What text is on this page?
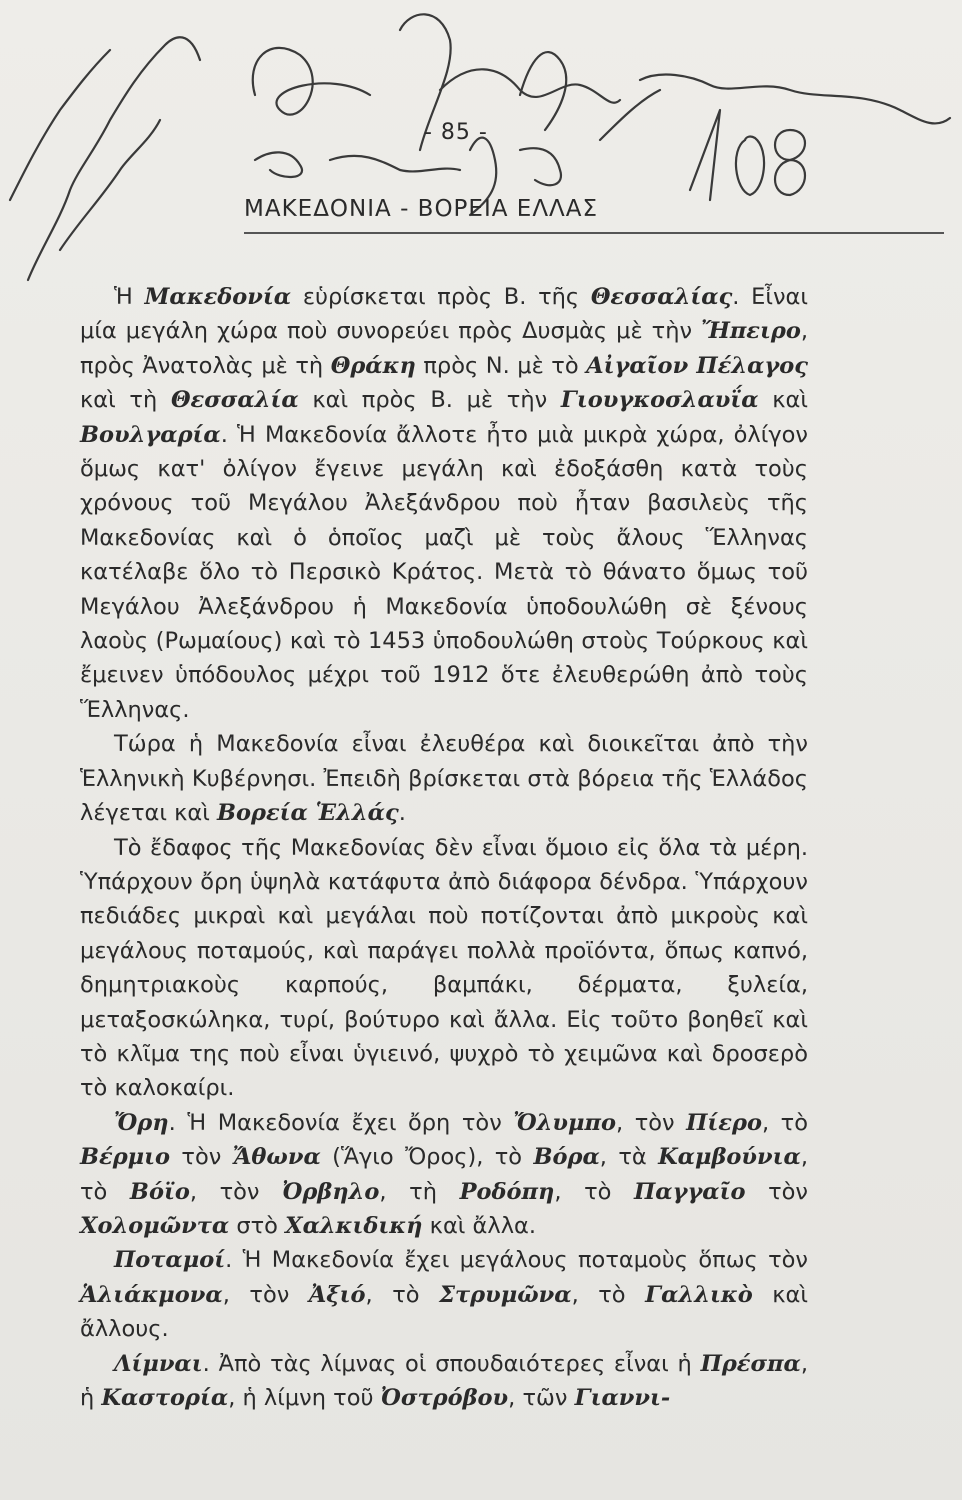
- 85 -
ΜΑΚΕΔΟΝΙΑ - ΒΟΡΕΙΑ ΕΛΛΑΣ

Ἡ Μακεδονία εὑρίσκεται πρὸς Β. τῆς Θεσσαλίας. Εἶναι μία μεγάλη χώρα ποὺ συνορεύει πρὸς Δυσμὰς μὲ τὴν Ἤπειρο, πρὸς Ἀνατολὰς μὲ τὴ Θράκη πρὸς Ν. μὲ τὸ Αἰγαῖον Πέλαγος καὶ τὴ Θεσσαλία καὶ πρὸς Β. μὲ τὴν Γιουγκοσλαυΐα καὶ Βουλγαρία. Ἡ Μακεδονία ἄλλοτε ἦτο μιὰ μικρὰ χώρα, ὀλίγον ὅμως κατ' ὀλίγον ἔγεινε μεγάλη καὶ ἐδοξάσθη κατὰ τοὺς χρόνους τοῦ Μεγάλου Ἀλεξάνδρου ποὺ ἦταν βασιλεὺς τῆς Μακεδονίας καὶ ὁ ὁποῖος μαζὶ μὲ τοὺς ἄλους Ἕλληνας κατέλαβε ὅλο τὸ Περσικὸ Κράτος. Μετὰ τὸ θάνατο ὅμως τοῦ Μεγάλου Ἀλεξάνδρου ἡ Μακεδονία ὑποδουλώθη σὲ ξένους λαοὺς (Ρωμαίους) καὶ τὸ 1453 ὑποδουλώθη στοὺς Τούρκους καὶ ἔμεινεν ὑπόδουλος μέχρι τοῦ 1912 ὅτε ἐλευθερώθη ἀπὸ τοὺς Ἕλληνας.

Τώρα ἡ Μακεδονία εἶναι ἐλευθέρα καὶ διοικεῖται ἀπὸ τὴν Ἑλληνικὴ Κυβέρνησι. Ἐπειδὴ βρίσκεται στὰ βόρεια τῆς Ἑλλάδος λέγεται καὶ Βορεία Ἑλλάς.

Τὸ ἔδαφος τῆς Μακεδονίας δὲν εἶναι ὅμοιο εἰς ὅλα τὰ μέρη. Ὑπάρχουν ὄρη ὑψηλὰ κατάφυτα ἀπὸ διάφορα δένδρα. Ὑπάρχουν πεδιάδες μικραὶ καὶ μεγάλαι ποὺ ποτίζονται ἀπὸ μικροὺς καὶ μεγάλους ποταμούς, καὶ παράγει πολλὰ προϊόντα, ὅπως καπνό, δημητριακοὺς καρπούς, βαμπάκι, δέρματα, ξυλεία, μεταξοσκώληκα, τυρί, βούτυρο καὶ ἄλλα. Εἰς τοῦτο βοηθεῖ καὶ τὸ κλῖμα της ποὺ εἶναι ὑγιεινό, ψυχρὸ τὸ χειμῶνα καὶ δροσερὸ τὸ καλοκαίρι.

Ὄρη. Ἡ Μακεδονία ἔχει ὄρη τὸν Ὄλυμπο, τὸν Πίερο, τὸ Βέρμιο τὸν Ἄθωνα (Ἅγιο Ὄρος), τὸ Βόρα, τὰ Καμβούνια, τὸ Βόϊο, τὸν Ὀρβηλο, τὴ Ροδόπη, τὸ Παγγαῖο τὸν Χολομῶντα στὸ Χαλκιδική καὶ ἄλλα.

Ποταμοί. Ἡ Μακεδονία ἔχει μεγάλους ποταμοὺς ὅπως τὸν Ἁλιάκμονα, τὸν Ἀξιό, τὸ Στρυμῶνα, τὸ Γαλλικὸ καὶ ἄλλους.

Λίμναι. Ἀπὸ τὰς λίμνας οἱ σπουδαιότερες εἶναι ἡ Πρέσπα, ἡ Καστορία, ἡ λίμνη τοῦ Ὀστρόβου, τῶν Γιαννι-
